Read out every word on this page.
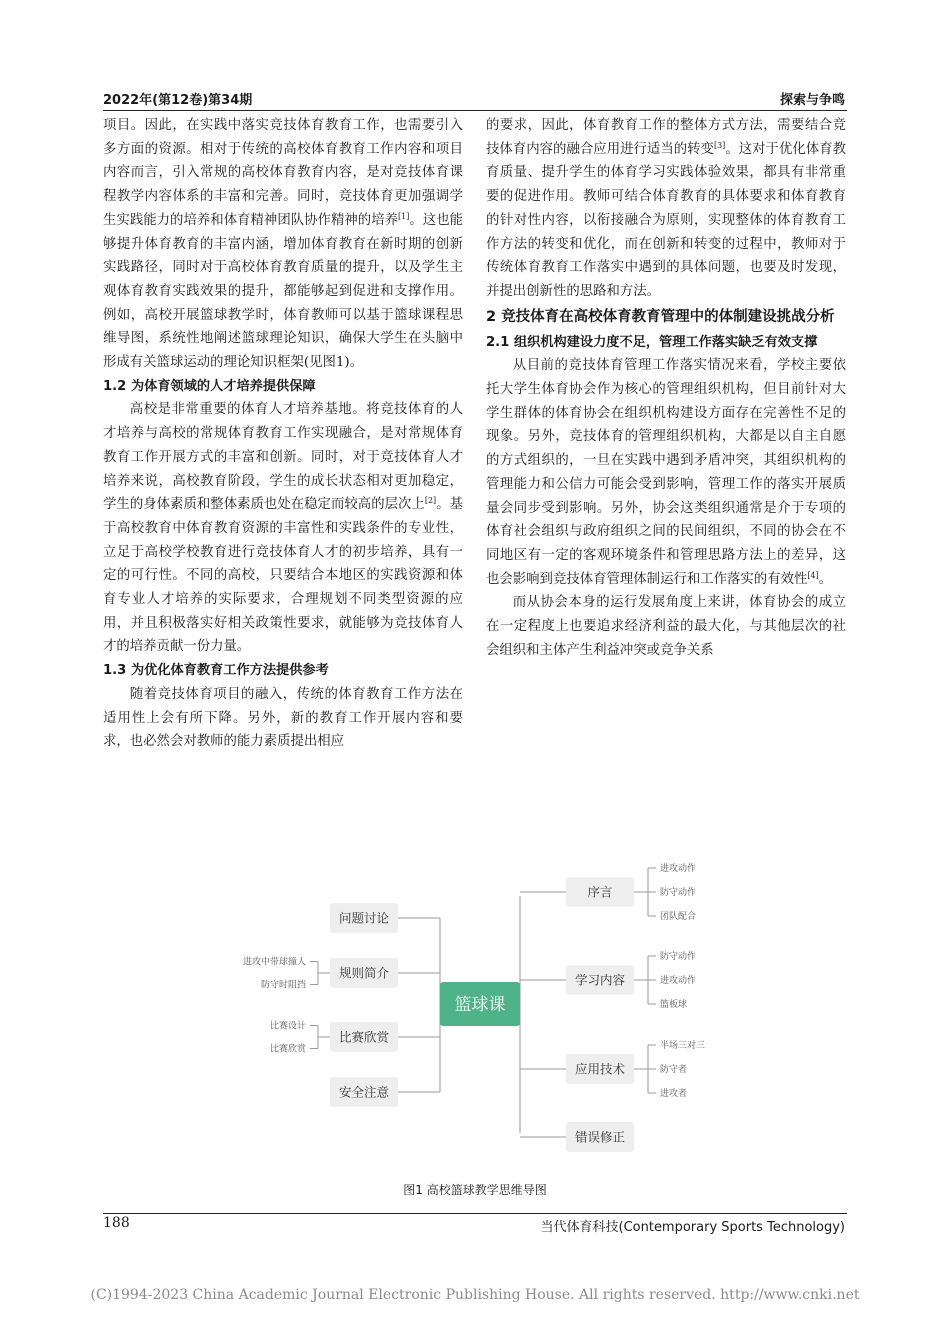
2022年(第12卷)第34期	探索与争鸣

项目。因此，在实践中落实竞技体育教育工作，也需要引入多方面的资源。相对于传统的高校体育教育工作内容和项目内容而言，引入常规的高校体育教育内容，是对竞技体育课程教学内容体系的丰富和完善。同时，竞技体育更加强调学生实践能力的培养和体育精神团队协作精神的培养[1]。这也能够提升体育教育的丰富内涵，增加体育教育在新时期的创新实践路径，同时对于高校体育教育质量的提升，以及学生主观体育教育实践效果的提升，都能够起到促进和支撑作用。例如，高校开展篮球教学时，体育教师可以基于篮球课程思维导图，系统性地阐述篮球理论知识，确保大学生在头脑中形成有关篮球运动的理论知识框架(见图1)。

1.2 为体育领域的人才培养提供保障

高校是非常重要的体育人才培养基地。将竞技体育的人才培养与高校的常规体育教育工作实现融合，是对常规体育教育工作开展方式的丰富和创新。同时，对于竞技体育人才培养来说，高校教育阶段，学生的成长状态相对更加稳定，学生的身体素质和整体素质也处在稳定而较高的层次上[2]。基于高校教育中体育教育资源的丰富性和实践条件的专业性，立足于高校学校教育进行竞技体育人才的初步培养，具有一定的可行性。不同的高校，只要结合本地区的实践资源和体育专业人才培养的实际要求，合理规划不同类型资源的应用，并且积极落实好相关政策性要求，就能够为竞技体育人才的培养贡献一份力量。

1.3 为优化体育教育工作方法提供参考

随着竞技体育项目的融入，传统的体育教育工作方法在适用性上会有所下降。另外，新的教育工作开展内容和要求，也必然会对教师的能力素质提出相应

的要求，因此，体育教育工作的整体方式方法，需要结合竞技体育内容的融合应用进行适当的转变[3]。这对于优化体育教育质量、提升学生的体育学习实践体验效果，都具有非常重要的促进作用。教师可结合体育教育的具体要求和体育教育的针对性内容，以衔接融合为原则，实现整体的体育教育工作方法的转变和优化，而在创新和转变的过程中，教师对于传统体育教育工作落实中遇到的具体问题，也要及时发现，并提出创新性的思路和方法。

2 竞技体育在高校体育教育管理中的体制建设挑战分析
2.1 组织机构建设力度不足，管理工作落实缺乏有效支撑

从目前的竞技体育管理工作落实情况来看，学校主要依托大学生体育协会作为核心的管理组织机构，但目前针对大学生群体的体育协会在组织机构建设方面存在完善性不足的现象。另外，竞技体育的管理组织机构，大都是以自主自愿的方式组织的，一旦在实践中遇到矛盾冲突，其组织机构的管理能力和公信力可能会受到影响，管理工作的落实开展质量会同步受到影响。另外，协会这类组织通常是介于专项的体育社会组织与政府组织之间的民间组织，不同的协会在不同地区有一定的客观环境条件和管理思路方法上的差异，这也会影响到竞技体育管理体制运行和工作落实的有效性[4]。

而从协会本身的运行发展角度上来讲，体育协会的成立在一定程度上也要追求经济利益的最大化，与其他层次的社会组织和主体产生利益冲突或竞争关系

问题讨论
规则简介
进攻中带球撞人
防守时阻挡
比赛欣赏
比赛设计
比赛欣赏
安全注意
序言
进攻动作
防守动作
团队配合
学习内容
防守动作
进攻动作
篮板球
应用技术
半场三对三
防守者
进攻者
错误修正
篮球课
图1 高校篮球教学思维导图
188	当代体育科技(Contemporary Sports Technology)
(C)1994-2023 China Academic Journal Electronic Publishing House. All rights reserved. http://www.cnki.net
